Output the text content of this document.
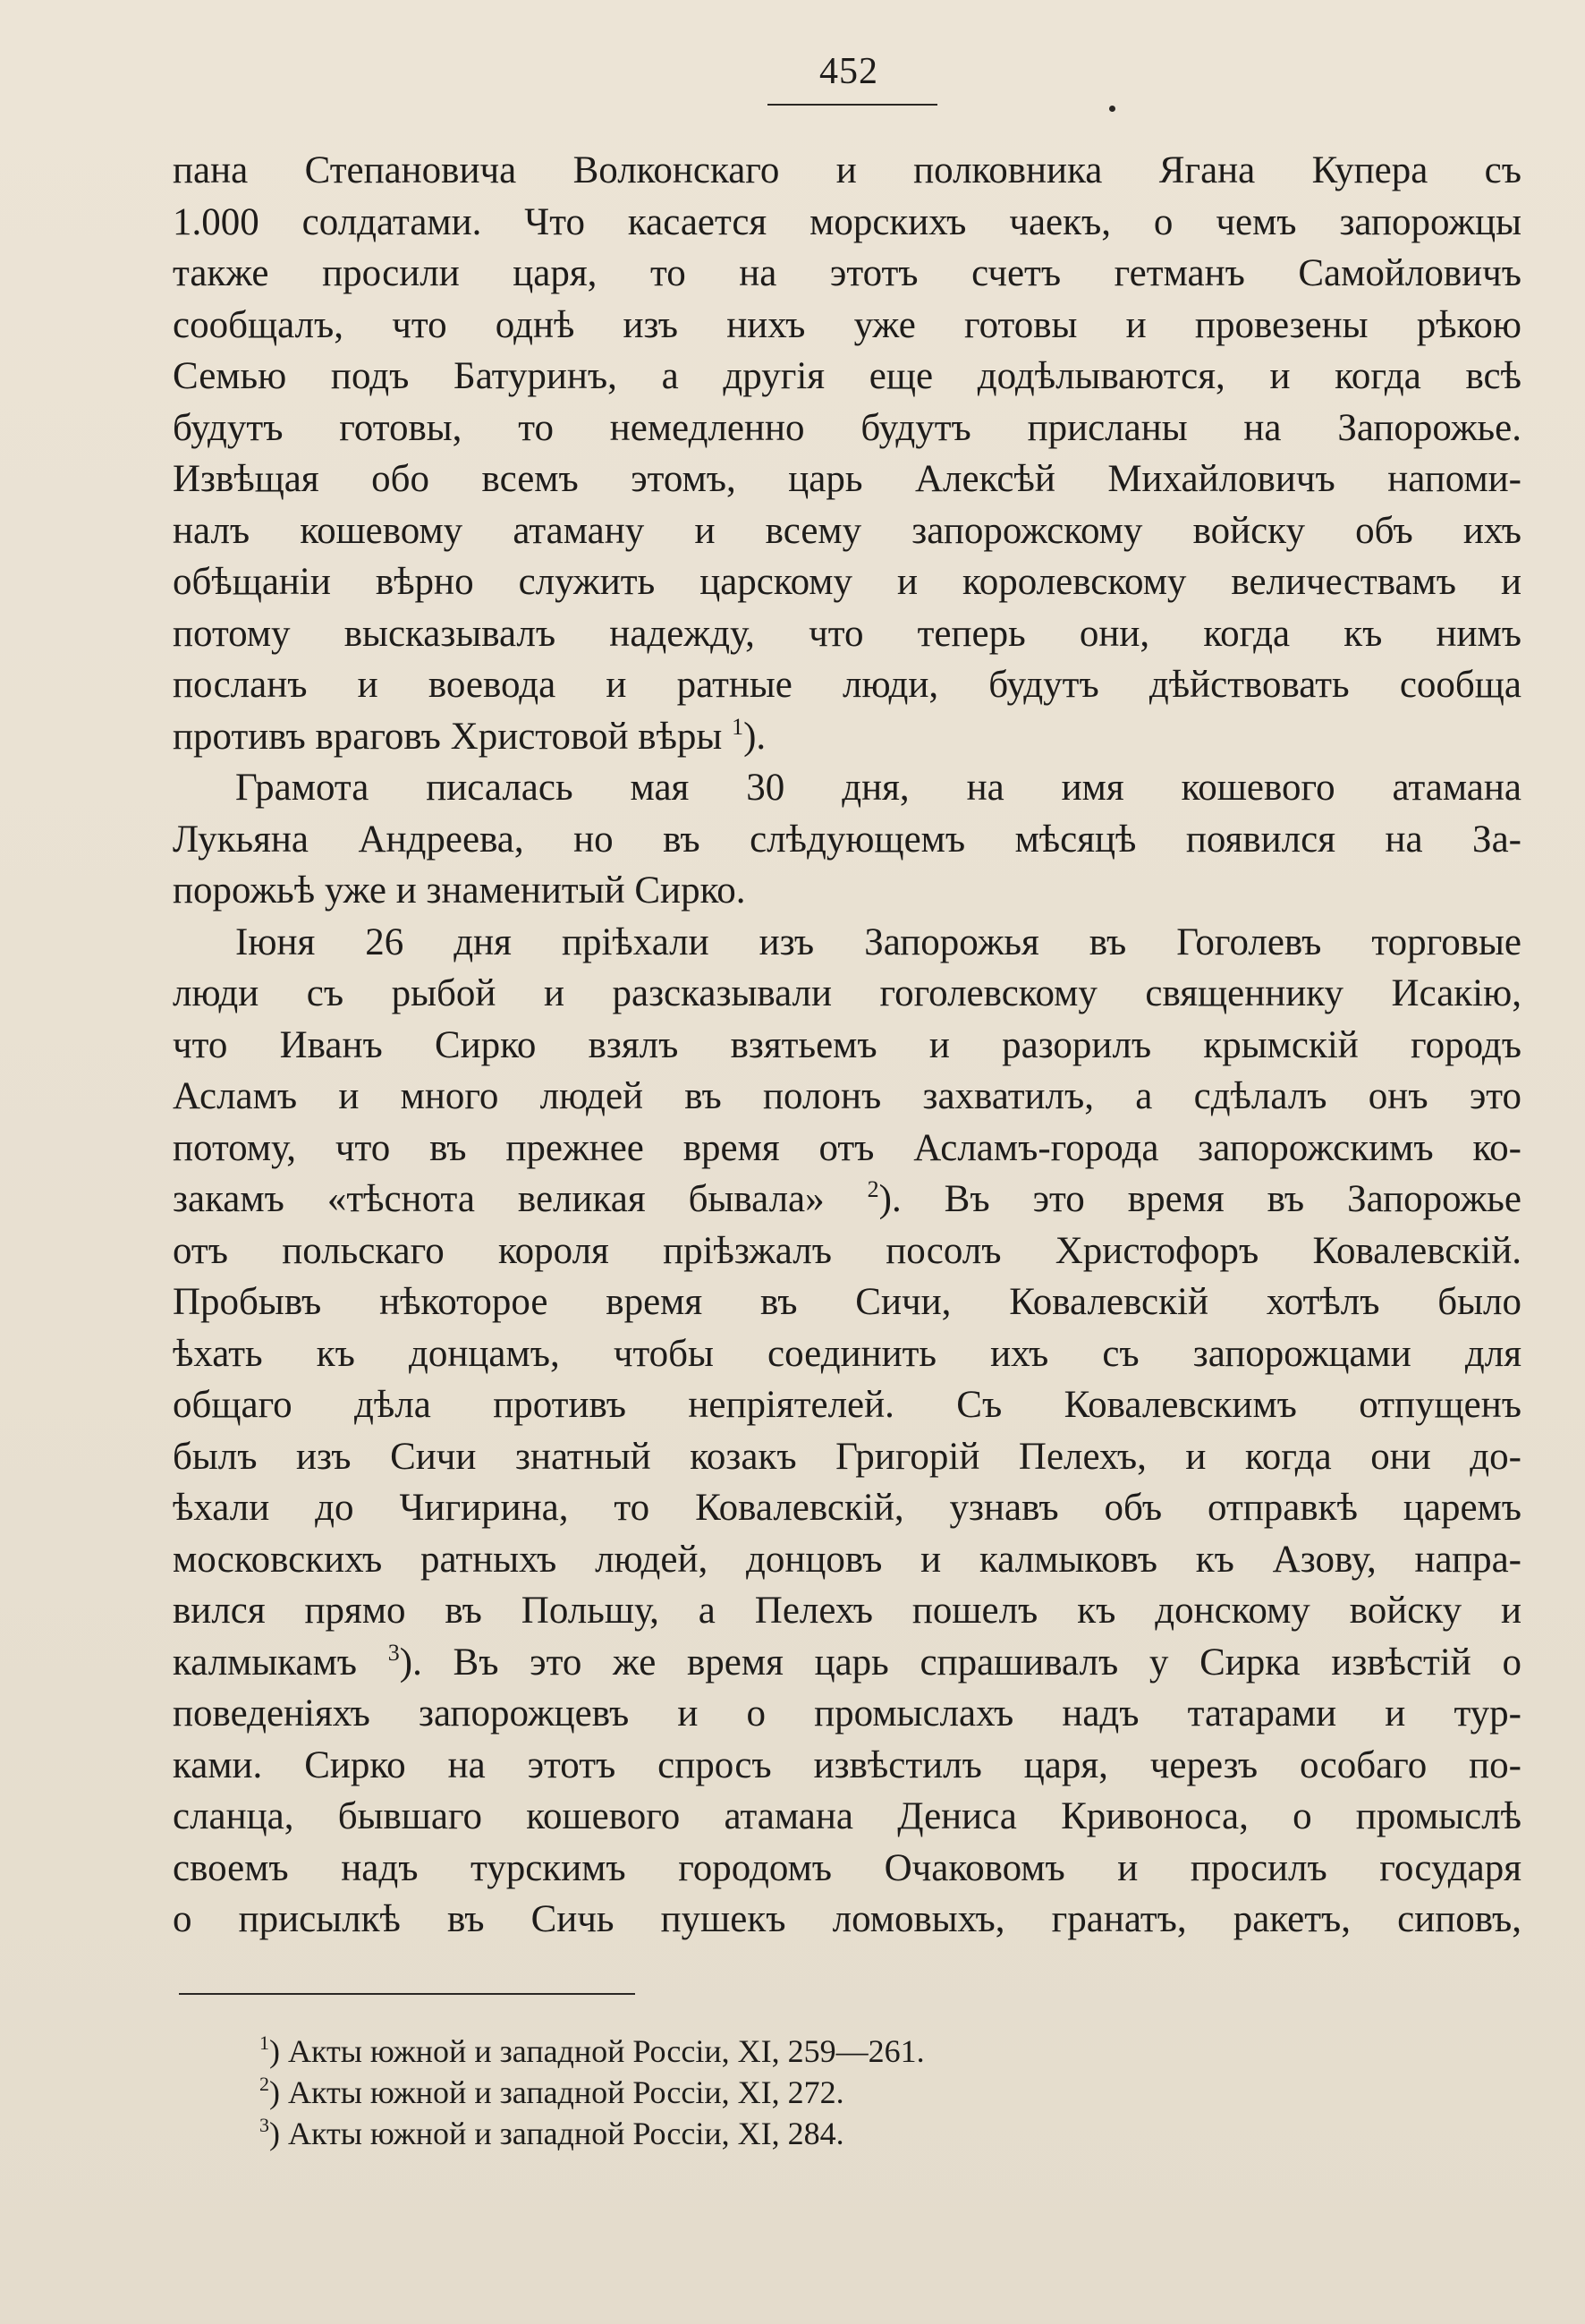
452
пана Степановича Волконскаго и полковника Ягана Купера съ
1.000 солдатами. Что касается морскихъ чаекъ, о чемъ запорожцы
также просили царя, то на этотъ счетъ гетманъ Самойловичъ
сообщалъ, что однѣ изъ нихъ уже готовы и провезены рѣкою
Семью подъ Батуринъ, а другія еще додѣлываются, и когда всѣ
будутъ готовы, то немедленно будутъ присланы на Запорожье.
Извѣщая обо всемъ этомъ, царь Алексѣй Михайловичъ напоми-
налъ кошевому атаману и всему запорожскому войску объ ихъ
обѣщаніи вѣрно служить царскому и королевскому величествамъ и
потому высказывалъ надежду, что теперь они, когда къ нимъ
посланъ и воевода и ратные люди, будутъ дѣйствовать сообща
противъ враговъ Христовой вѣры $^1$).
Грамота писалась мая 30 дня, на имя кошевого атамана
Лукьяна Андреева, но въ слѣдующемъ мѣсяцѣ появился на За-
порожьѣ уже и знаменитый Сирко.
Іюня 26 дня пріѣхали изъ Запорожья въ Гоголевъ торговые
люди съ рыбой и разсказывали гоголевскому священнику Исакію,
что Иванъ Сирко взялъ взятьемъ и разорилъ крымскій городъ
Асламъ и много людей въ полонъ захватилъ, а сдѣлалъ онъ это
потому, что въ прежнее время отъ Асламъ-города запорожскимъ ко-
закамъ «тѣснота великая бывала» $^2$). Въ это время въ Запорожье
отъ польскаго короля пріѣзжалъ посолъ Христофоръ Ковалевскій.
Пробывъ нѣкоторое время въ Сичи, Ковалевскій хотѣлъ было
ѣхать къ донцамъ, чтобы соединить ихъ съ запорожцами для
общаго дѣла противъ непріятелей. Съ Ковалевскимъ отпущенъ
былъ изъ Сичи знатный козакъ Григорій Пелехъ, и когда они до-
ѣхали до Чигирина, то Ковалевскій, узнавъ объ отправкѣ царемъ
московскихъ ратныхъ людей, донцовъ и калмыковъ къ Азову, напра-
вился прямо въ Польшу, а Пелехъ пошелъ къ донскому войску и
калмыкамъ $^3$). Въ это же время царь спрашивалъ у Сирка извѣстій о
поведеніяхъ запорожцевъ и о промыслахъ надъ татарами и тур-
ками. Сирко на этотъ спросъ извѣстилъ царя, черезъ особаго по-
сланца, бывшаго кошевого атамана Дениса Кривоноса, о промыслѣ
своемъ надъ турскимъ городомъ Очаковомъ и просилъ государя
о присылкѣ въ Сичь пушекъ ломовыхъ, гранатъ, ракетъ, сиповъ,
$^1$) Акты южной и западной Россіи, XI, 259—261.
$^2$) Акты южной и западной Россіи, XI, 272.
$^3$) Акты южной и западной Россіи, XI, 284.
